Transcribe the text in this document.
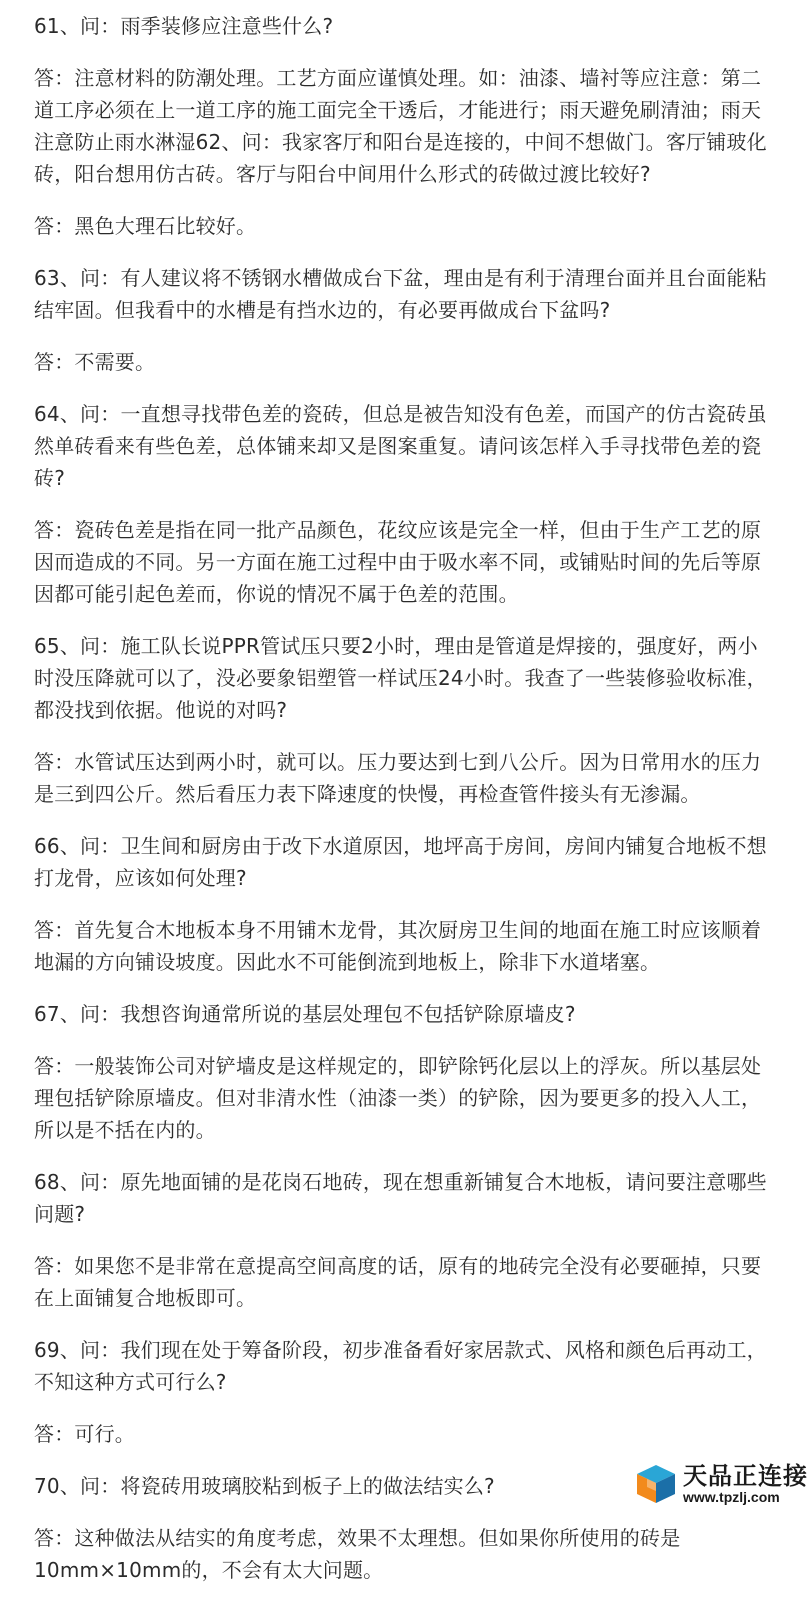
61、问：雨季装修应注意些什么?

答：注意材料的防潮处理。工艺方面应谨慎处理。如：油漆、墙衬等应注意：第二道工序必须在上一道工序的施工面完全干透后，才能进行；雨天避免刷清油；雨天注意防止雨水淋湿62、问：我家客厅和阳台是连接的，中间不想做门。客厅铺玻化砖，阳台想用仿古砖。客厅与阳台中间用什么形式的砖做过渡比较好?

答：黑色大理石比较好。

63、问：有人建议将不锈钢水槽做成台下盆，理由是有利于清理台面并且台面能粘结牢固。但我看中的水槽是有挡水边的，有必要再做成台下盆吗?

答：不需要。

64、问：一直想寻找带色差的瓷砖，但总是被告知没有色差，而国产的仿古瓷砖虽然单砖看来有些色差，总体铺来却又是图案重复。请问该怎样入手寻找带色差的瓷砖?

答：瓷砖色差是指在同一批产品颜色，花纹应该是完全一样，但由于生产工艺的原因而造成的不同。另一方面在施工过程中由于吸水率不同，或铺贴时间的先后等原因都可能引起色差而，你说的情况不属于色差的范围。

65、问：施工队长说PPR管试压只要2小时，理由是管道是焊接的，强度好，两小时没压降就可以了，没必要象铝塑管一样试压24小时。我查了一些装修验收标准，都没找到依据。他说的对吗?

答：水管试压达到两小时，就可以。压力要达到七到八公斤。因为日常用水的压力是三到四公斤。然后看压力表下降速度的快慢，再检查管件接头有无渗漏。

66、问：卫生间和厨房由于改下水道原因，地坪高于房间，房间内铺复合地板不想打龙骨，应该如何处理?

答：首先复合木地板本身不用铺木龙骨，其次厨房卫生间的地面在施工时应该顺着地漏的方向铺设坡度。因此水不可能倒流到地板上，除非下水道堵塞。

67、问：我想咨询通常所说的基层处理包不包括铲除原墙皮?

答：一般装饰公司对铲墙皮是这样规定的，即铲除钙化层以上的浮灰。所以基层处理包括铲除原墙皮。但对非清水性（油漆一类）的铲除，因为要更多的投入人工，所以是不括在内的。

68、问：原先地面铺的是花岗石地砖，现在想重新铺复合木地板，请问要注意哪些问题?

答：如果您不是非常在意提高空间高度的话，原有的地砖完全没有必要砸掉，只要在上面铺复合地板即可。

69、问：我们现在处于筹备阶段，初步准备看好家居款式、风格和颜色后再动工，不知这种方式可行么?

答：可行。

70、问：将瓷砖用玻璃胶粘到板子上的做法结实么?

答：这种做法从结实的角度考虑，效果不太理想。但如果你所使用的砖是10mm×10mm的，不会有太大问题。

天品正连接
www.tpzlj.com
